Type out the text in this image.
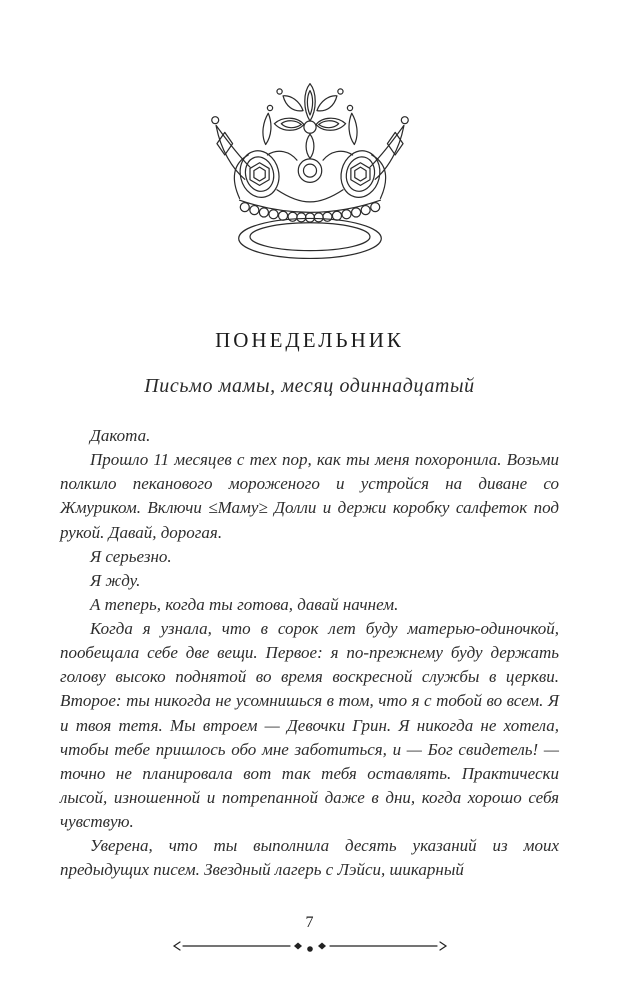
ПОНЕДЕЛЬНИК
Письмо мамы, месяц одиннадцатый

Дакота.

Прошло 11 месяцев с тех пор, как ты меня похоронила. Возьми полкило пеканового мороженого и устройся на диване со Жмуриком. Включи ≤Маму≥ Долли и держи коробку салфеток под рукой. Давай, дорогая.

Я серьезно.

Я жду.

А теперь, когда ты готова, давай начнем.

Когда я узнала, что в сорок лет буду матерью-одиночкой, пообещала себе две вещи. Первое: я по-прежнему буду держать голову высоко поднятой во время воскресной службы в церкви. Второе: ты никогда не усомнишься в том, что я с тобой во всем. Я и твоя тетя. Мы втроем — Девочки Грин. Я никогда не хотела, чтобы тебе пришлось обо мне заботиться, и — Бог свидетель! — точно не планировала вот так тебя оставлять. Практически лысой, изношенной и потрепанной даже в дни, когда хорошо себя чувствую.

Уверена, что ты выполнила десять указаний из моих предыдущих писем. Звездный лагерь с Лэйси, шикарный

7
